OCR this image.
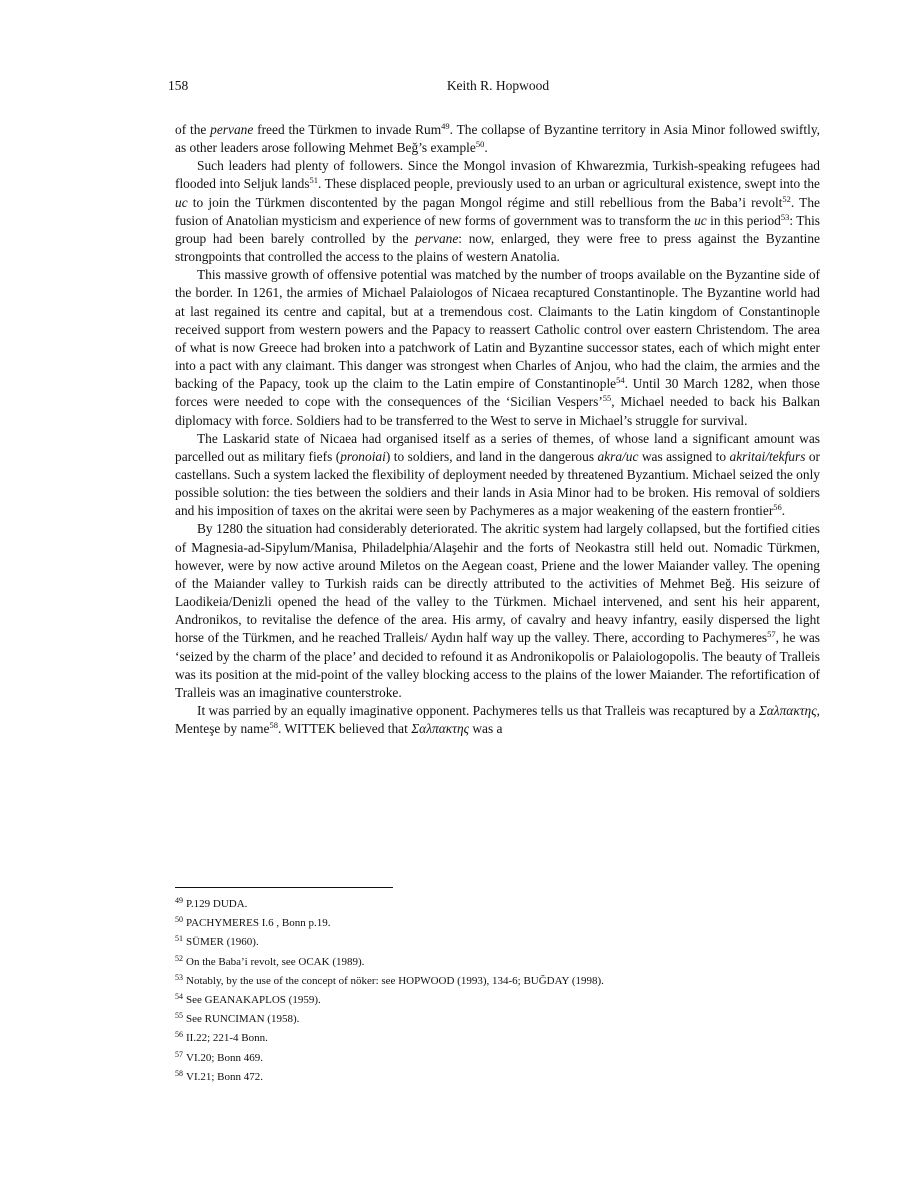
158	Keith R. Hopwood

of the pervane freed the Türkmen to invade Rum$^{49}$. The collapse of Byzantine territory in Asia Minor followed swiftly, as other leaders arose following Mehmet Beğ’s example$^{50}$.

Such leaders had plenty of followers. Since the Mongol invasion of Khwarezmia, Turkish-speaking refugees had flooded into Seljuk lands$^{51}$. These displaced people, previously used to an urban or agricultural existence, swept into the uc to join the Türkmen discontented by the pagan Mongol régime and still rebellious from the Baba’i revolt$^{52}$. The fusion of Anatolian mysticism and experience of new forms of government was to transform the uc in this period$^{53}$: This group had been barely controlled by the pervane: now, enlarged, they were free to press against the Byzantine strongpoints that controlled the access to the plains of western Anatolia.

This massive growth of offensive potential was matched by the number of troops available on the Byzantine side of the border. In 1261, the armies of Michael Palaiologos of Nicaea recaptured Constantinople. The Byzantine world had at last regained its centre and capital, but at a tremendous cost. Claimants to the Latin kingdom of Constantinople received support from western powers and the Papacy to reassert Catholic control over eastern Christendom. The area of what is now Greece had broken into a patchwork of Latin and Byzantine successor states, each of which might enter into a pact with any claimant. This danger was strongest when Charles of Anjou, who had the claim, the armies and the backing of the Papacy, took up the claim to the Latin empire of Constantinople$^{54}$. Until 30 March 1282, when those forces were needed to cope with the consequences of the ‘Sicilian Vespers’$^{55}$, Michael needed to back his Balkan diplomacy with force. Soldiers had to be transferred to the West to serve in Michael’s struggle for survival.

The Laskarid state of Nicaea had organised itself as a series of themes, of whose land a significant amount was parcelled out as military fiefs (pronoiai) to soldiers, and land in the dangerous akra/uc was assigned to akritai/tekfurs or castellans. Such a system lacked the flexibility of deployment needed by threatened Byzantium. Michael seized the only possible solution: the ties between the soldiers and their lands in Asia Minor had to be broken. His removal of soldiers and his imposition of taxes on the akritai were seen by Pachymeres as a major weakening of the eastern frontier$^{56}$.

By 1280 the situation had considerably deteriorated. The akritic system had largely collapsed, but the fortified cities of Magnesia-ad-Sipylum/Manisa, Philadelphia/Alaşehir and the forts of Neokastra still held out. Nomadic Türkmen, however, were by now active around Miletos on the Aegean coast, Priene and the lower Maiander valley. The opening of the Maiander valley to Turkish raids can be directly attributed to the activities of Mehmet Beğ. His seizure of Laodikeia/Denizli opened the head of the valley to the Türkmen. Michael intervened, and sent his heir apparent, Andronikos, to revitalise the defence of the area. His army, of cavalry and heavy infantry, easily dispersed the light horse of the Türkmen, and he reached Tralleis/ Aydın half way up the valley. There, according to Pachymeres$^{57}$, he was ‘seized by the charm of the place’ and decided to refound it as Andronikopolis or Palaiologopolis. The beauty of Tralleis was its position at the mid-point of the valley blocking access to the plains of the lower Maiander. The refortification of Tralleis was an imaginative counterstroke.

It was parried by an equally imaginative opponent. Pachymeres tells us that Tralleis was recaptured by a Σαλπακτης, Menteşe by name$^{58}$. WITTEK believed that Σαλπακτης was a

$^{49}$ P.129 DUDA.
$^{50}$ PACHYMERES I.6 , Bonn p.19.
$^{51}$ SÜMER (1960).
$^{52}$ On the Baba’i revolt, see OCAK (1989).
$^{53}$ Notably, by the use of the concept of nöker: see HOPWOOD (1993), 134-6; BUĞDAY (1998).
$^{54}$ See GEANAKAPLOS (1959).
$^{55}$ See RUNCIMAN (1958).
$^{56}$ II.22; 221-4 Bonn.
$^{57}$ VI.20; Bonn 469.
$^{58}$ VI.21; Bonn 472.
